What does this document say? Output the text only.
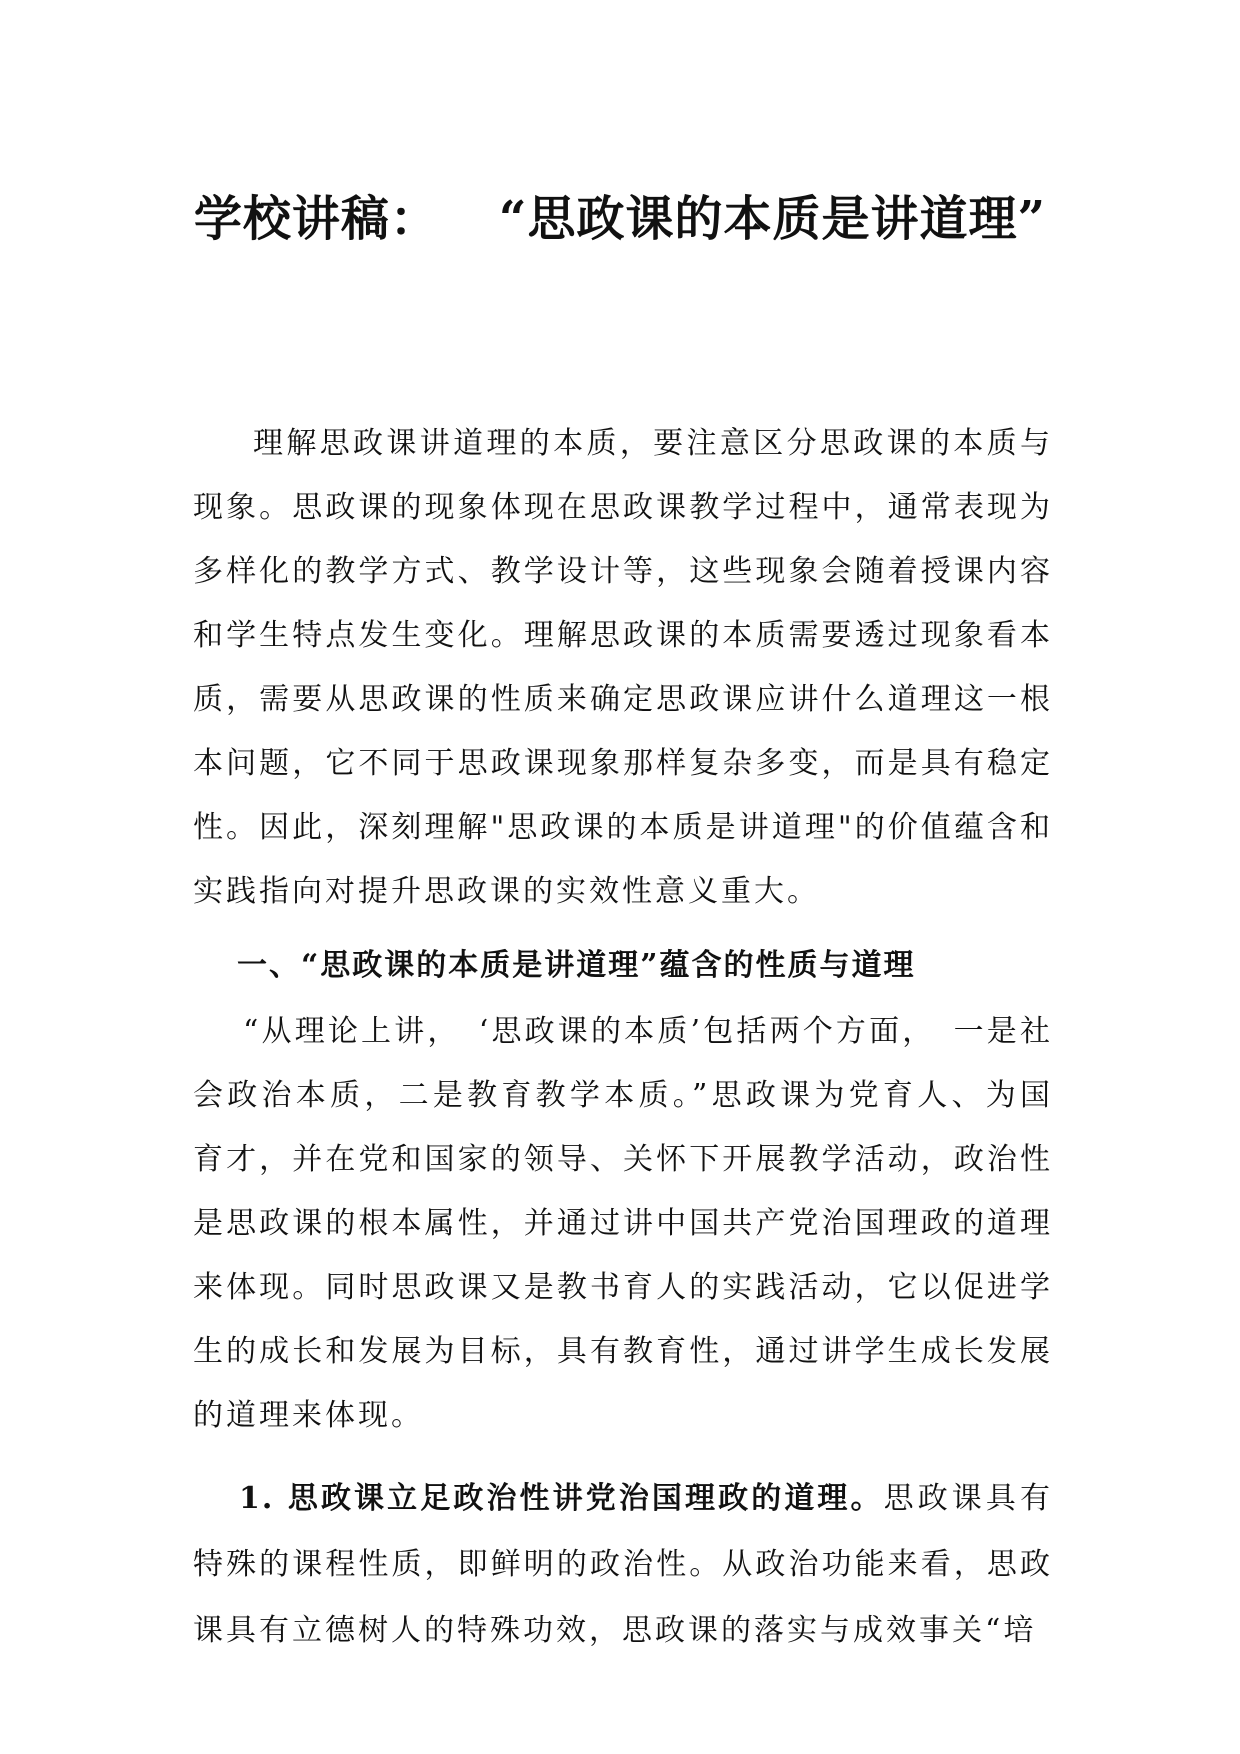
学校讲稿： “思政课的本质是讲道理”

理解思政课讲道理的本质，要注意区分思政课的本质与现象。思政课的现象体现在思政课教学过程中，通常表现为多样化的教学方式、教学设计等，这些现象会随着授课内容和学生特点发生变化。理解思政课的本质需要透过现象看本质，需要从思政课的性质来确定思政课应讲什么道理这一根本问题，它不同于思政课现象那样复杂多变，而是具有稳定性。因此，深刻理解"思政课的本质是讲道理"的价值蕴含和实践指向对提升思政课的实效性意义重大。

一、“思政课的本质是讲道理”蕴含的性质与道理

“从理论上讲，　‘思政课的本质’包括两个方面，　一是社会政治本质，二是教育教学本质。”思政课为党育人、为国育才，并在党和国家的领导、关怀下开展教学活动，政治性是思政课的根本属性，并通过讲中国共产党治国理政的道理来体现。同时思政课又是教书育人的实践活动，它以促进学生的成长和发展为目标，具有教育性，通过讲学生成长发展的道理来体现。

1. 思政课立足政治性讲党治国理政的道理。思政课具有特殊的课程性质，即鲜明的政治性。从政治功能来看，思政课具有立德树人的特殊功效，思政课的落实与成效事关“培
